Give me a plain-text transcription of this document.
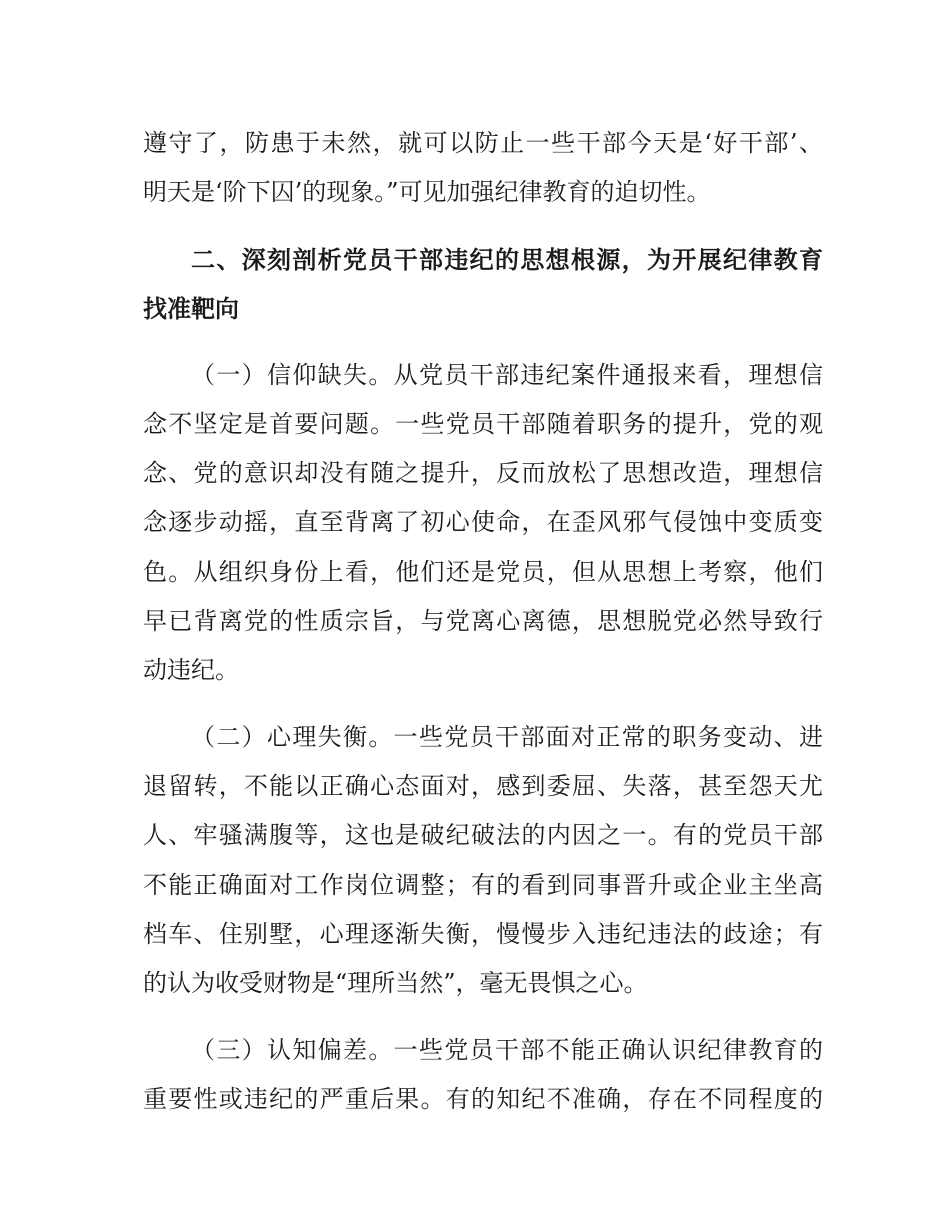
遵守了，防患于未然，就可以防止一些干部今天是‘好干部’、
明天是‘阶下囚’的现象。”可见加强纪律教育的迫切性。
二、深刻剖析党员干部违纪的思想根源，为开展纪律教育
找准靶向
（一）信仰缺失。从党员干部违纪案件通报来看，理想信
念不坚定是首要问题。一些党员干部随着职务的提升，党的观
念、党的意识却没有随之提升，反而放松了思想改造，理想信
念逐步动摇，直至背离了初心使命，在歪风邪气侵蚀中变质变
色。从组织身份上看，他们还是党员，但从思想上考察，他们
早已背离党的性质宗旨，与党离心离德，思想脱党必然导致行
动违纪。
（二）心理失衡。一些党员干部面对正常的职务变动、进
退留转，不能以正确心态面对，感到委屈、失落，甚至怨天尤
人、牢骚满腹等，这也是破纪破法的内因之一。有的党员干部
不能正确面对工作岗位调整；有的看到同事晋升或企业主坐高
档车、住别墅，心理逐渐失衡，慢慢步入违纪违法的歧途；有
的认为收受财物是“理所当然”，毫无畏惧之心。
（三）认知偏差。一些党员干部不能正确认识纪律教育的
重要性或违纪的严重后果。有的知纪不准确，存在不同程度的
